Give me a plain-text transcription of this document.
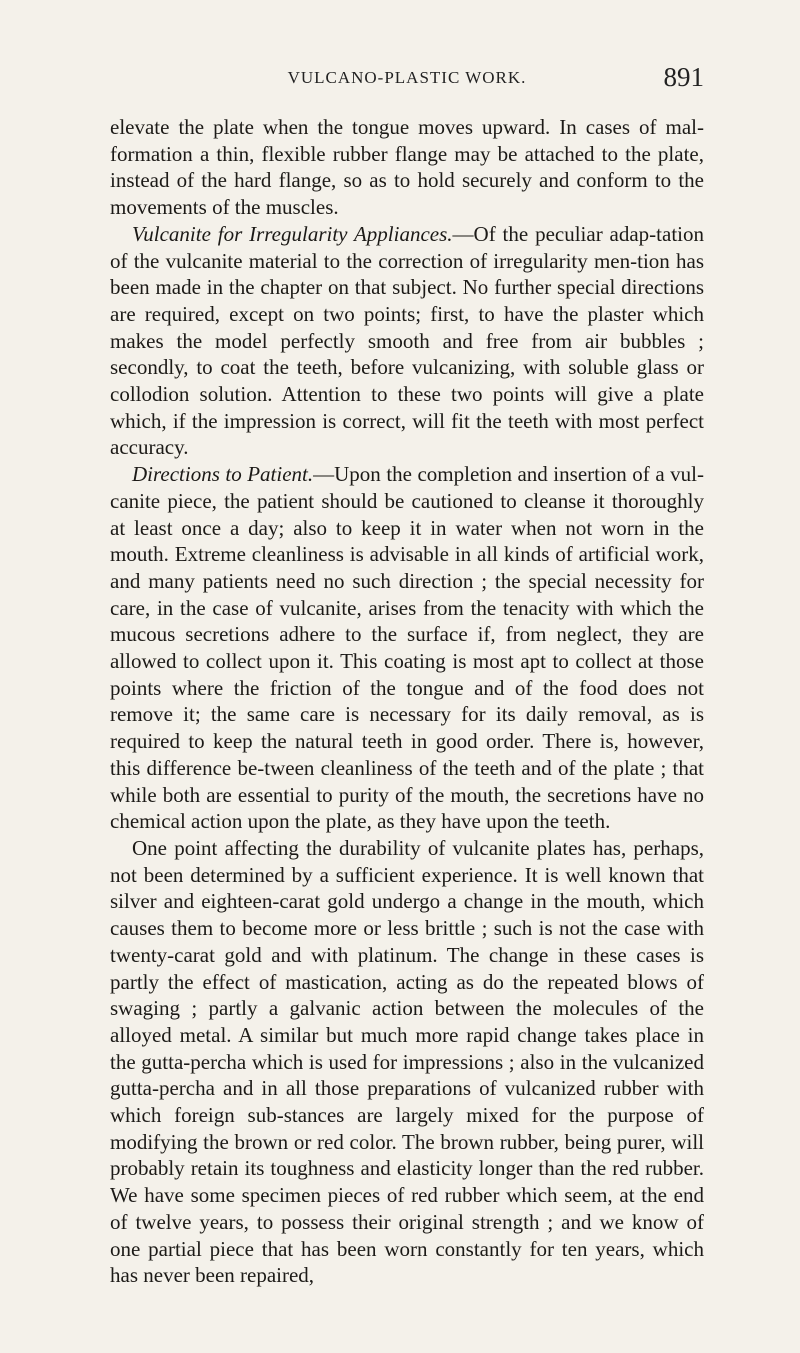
VULCANO-PLASTIC WORK.	891

elevate the plate when the tongue moves upward. In cases of mal-formation a thin, flexible rubber flange may be attached to the plate, instead of the hard flange, so as to hold securely and conform to the movements of the muscles.

Vulcanite for Irregularity Appliances.—Of the peculiar adap-tation of the vulcanite material to the correction of irregularity men-tion has been made in the chapter on that subject. No further special directions are required, except on two points; first, to have the plaster which makes the model perfectly smooth and free from air bubbles ; secondly, to coat the teeth, before vulcanizing, with soluble glass or collodion solution. Attention to these two points will give a plate which, if the impression is correct, will fit the teeth with most perfect accuracy.

Directions to Patient.—Upon the completion and insertion of a vul-canite piece, the patient should be cautioned to cleanse it thoroughly at least once a day; also to keep it in water when not worn in the mouth. Extreme cleanliness is advisable in all kinds of artificial work, and many patients need no such direction ; the special necessity for care, in the case of vulcanite, arises from the tenacity with which the mucous secretions adhere to the surface if, from neglect, they are allowed to collect upon it. This coating is most apt to collect at those points where the friction of the tongue and of the food does not remove it; the same care is necessary for its daily removal, as is required to keep the natural teeth in good order. There is, however, this difference be-tween cleanliness of the teeth and of the plate ; that while both are essential to purity of the mouth, the secretions have no chemical action upon the plate, as they have upon the teeth.

One point affecting the durability of vulcanite plates has, perhaps, not been determined by a sufficient experience. It is well known that silver and eighteen-carat gold undergo a change in the mouth, which causes them to become more or less brittle ; such is not the case with twenty-carat gold and with platinum. The change in these cases is partly the effect of mastication, acting as do the repeated blows of swaging ; partly a galvanic action between the molecules of the alloyed metal. A similar but much more rapid change takes place in the gutta-percha which is used for impressions ; also in the vulcanized gutta-percha and in all those preparations of vulcanized rubber with which foreign sub-stances are largely mixed for the purpose of modifying the brown or red color. The brown rubber, being purer, will probably retain its toughness and elasticity longer than the red rubber. We have some specimen pieces of red rubber which seem, at the end of twelve years, to possess their original strength ; and we know of one partial piece that has been worn constantly for ten years, which has never been repaired,
